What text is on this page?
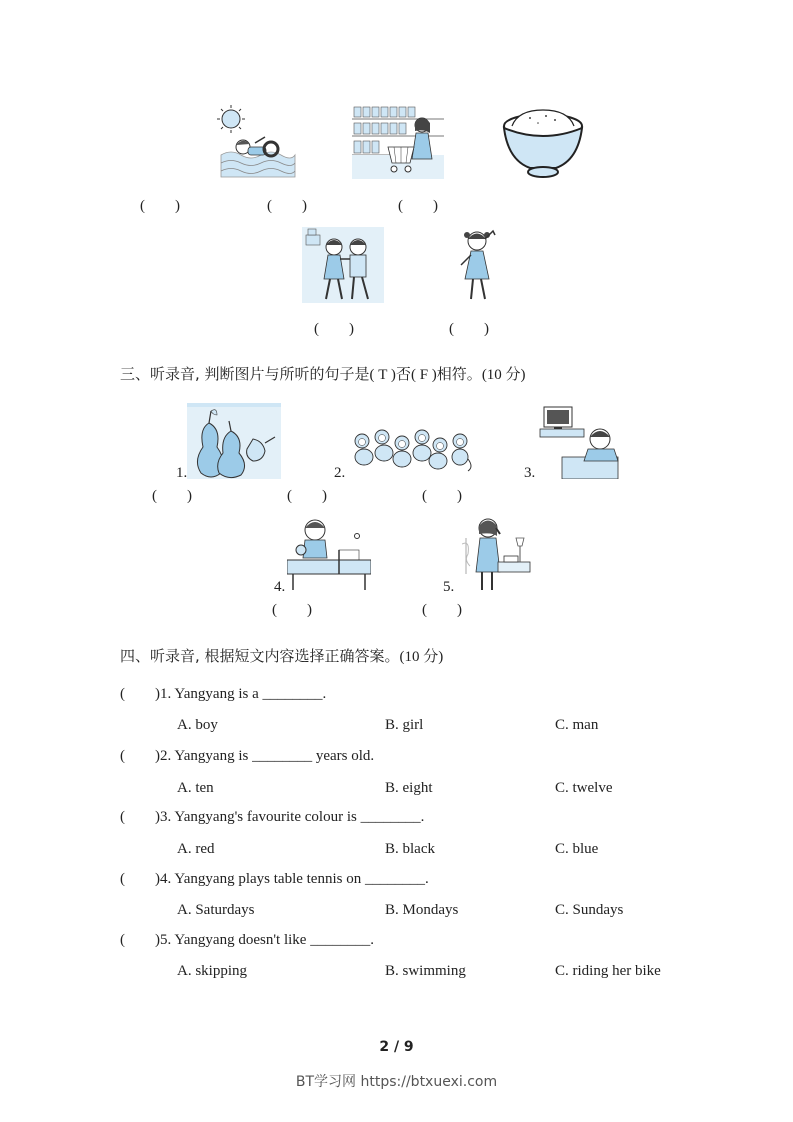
(        )	(        )	(        )
(        )	(        )
三、听录音, 判断图片与所听的句子是( T )否( F )相符。(10 分)
1.	2.	3.
(        )	(        )	(        )
4.	5.
(        )	(        )
四、听录音, 根据短文内容选择正确答案。(10 分)
(        )1. Yangyang is a ________.
A. boy	B. girl	C. man
(        )2. Yangyang is ________ years old.
A. ten	B. eight	C. twelve
(        )3. Yangyang's favourite colour is ________.
A. red	B. black	C. blue
(        )4. Yangyang plays table tennis on ________.
A. Saturdays	B. Mondays	C. Sundays
(        )5. Yangyang doesn't like ________.
A. skipping	B. swimming	C. riding her bike
2 / 9
BT学习网 https://btxuexi.com
